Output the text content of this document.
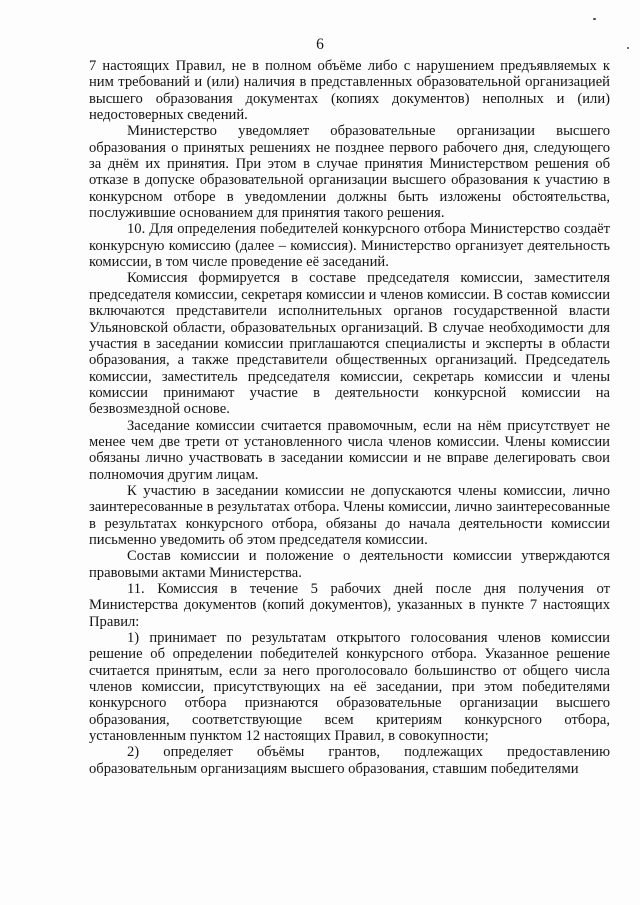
6

7 настоящих Правил, не в полном объёме либо с нарушением предъявляемых к ним требований и (или) наличия в представленных образовательной организацией высшего образования документах (копиях документов) неполных и (или) недостоверных сведений.

Министерство уведомляет образовательные организации высшего образования о принятых решениях не позднее первого рабочего дня, следующего за днём их принятия. При этом в случае принятия Министерством решения об отказе в допуске образовательной организации высшего образования к участию в конкурсном отборе в уведомлении должны быть изложены обстоятельства, послужившие основанием для принятия такого решения.

10. Для определения победителей конкурсного отбора Министерство создаёт конкурсную комиссию (далее – комиссия). Министерство организует деятельность комиссии, в том числе проведение её заседаний.

Комиссия формируется в составе председателя комиссии, заместителя председателя комиссии, секретаря комиссии и членов комиссии. В состав комиссии включаются представители исполнительных органов государственной власти Ульяновской области, образовательных организаций. В случае необходимости для участия в заседании комиссии приглашаются специалисты и эксперты в области образования, а также представители общественных организаций. Председатель комиссии, заместитель председателя комиссии, секретарь комиссии и члены комиссии принимают участие в деятельности конкурсной комиссии на безвозмездной основе.

Заседание комиссии считается правомочным, если на нём присутствует не менее чем две трети от установленного числа членов комиссии. Члены комиссии обязаны лично участвовать в заседании комиссии и не вправе делегировать свои полномочия другим лицам.

К участию в заседании комиссии не допускаются члены комиссии, лично заинтересованные в результатах отбора. Члены комиссии, лично заинтересованные в результатах конкурсного отбора, обязаны до начала деятельности комиссии письменно уведомить об этом председателя комиссии.

Состав комиссии и положение о деятельности комиссии утверждаются правовыми актами Министерства.

11. Комиссия в течение 5 рабочих дней после дня получения от Министерства документов (копий документов), указанных в пункте 7 настоящих Правил:

1) принимает по результатам открытого голосования членов комиссии решение об определении победителей конкурсного отбора. Указанное решение считается принятым, если за него проголосовало большинство от общего числа членов комиссии, присутствующих на её заседании, при этом победителями конкурсного отбора признаются образовательные организации высшего образования, соответствующие всем критериям конкурсного отбора, установленным пунктом 12 настоящих Правил, в совокупности;

2) определяет объёмы грантов, подлежащих предоставлению образовательным организациям высшего образования, ставшим победителями
